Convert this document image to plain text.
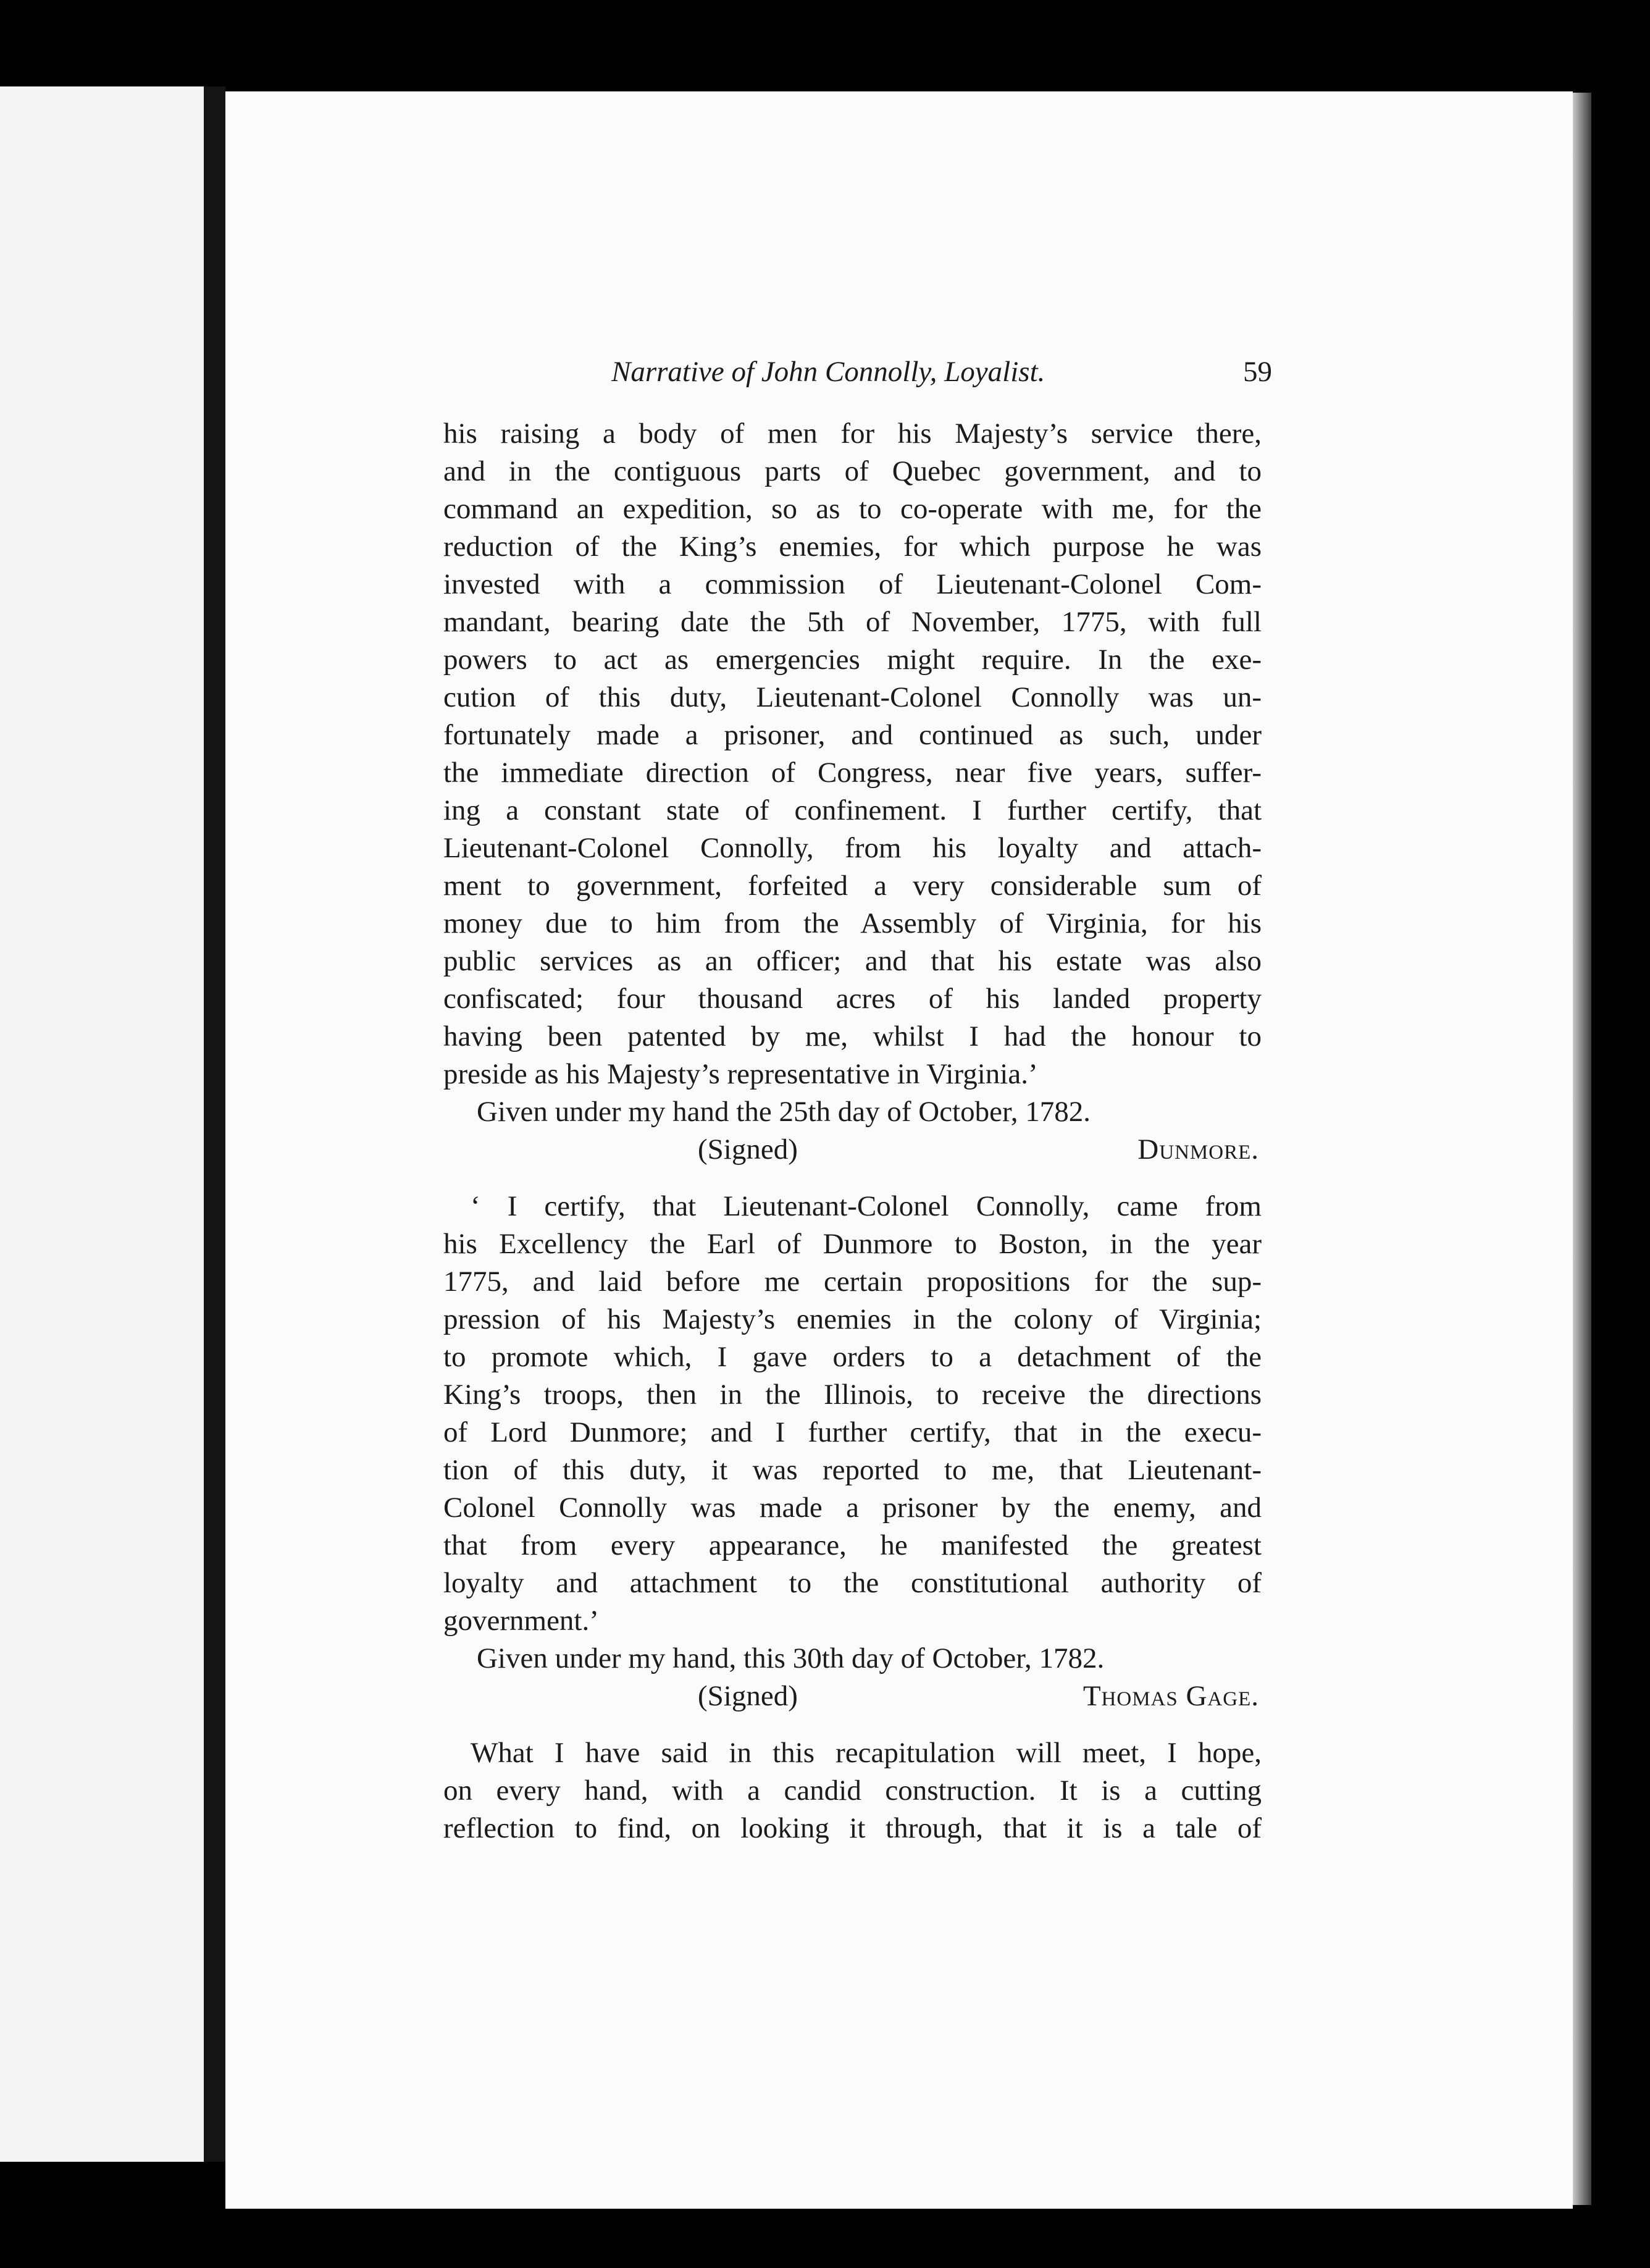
Narrative of John Connolly, Loyalist.	59

his raising a body of men for his Majesty’s service there,

and in the contiguous parts of Quebec government, and to

command an expedition, so as to co-operate with me, for the

reduction of the King’s enemies, for which purpose he was

invested with a commission of Lieutenant-Colonel Com-

mandant, bearing date the 5th of November, 1775, with full

powers to act as emergencies might require. In the exe-

cution of this duty, Lieutenant-Colonel Connolly was un-

fortunately made a prisoner, and continued as such, under

the immediate direction of Congress, near five years, suffer-

ing a constant state of confinement. I further certify, that

Lieutenant-Colonel Connolly, from his loyalty and attach-

ment to government, forfeited a very considerable sum of

money due to him from the Assembly of Virginia, for his

public services as an officer; and that his estate was also

confiscated; four thousand acres of his landed property

having been patented by me, whilst I had the honour to

preside as his Majesty’s representative in Virginia.’

Given under my hand the 25th day of October, 1782.

(Signed)	Dunmore.

‘ I certify, that Lieutenant-Colonel Connolly, came from

his Excellency the Earl of Dunmore to Boston, in the year

1775, and laid before me certain propositions for the sup-

pression of his Majesty’s enemies in the colony of Virginia;

to promote which, I gave orders to a detachment of the

King’s troops, then in the Illinois, to receive the directions

of Lord Dunmore; and I further certify, that in the execu-

tion of this duty, it was reported to me, that Lieutenant-

Colonel Connolly was made a prisoner by the enemy, and

that from every appearance, he manifested the greatest

loyalty and attachment to the constitutional authority of

government.’

Given under my hand, this 30th day of October, 1782.

(Signed)	Thomas Gage.

What I have said in this recapitulation will meet, I hope,

on every hand, with a candid construction. It is a cutting

reflection to find, on looking it through, that it is a tale of
